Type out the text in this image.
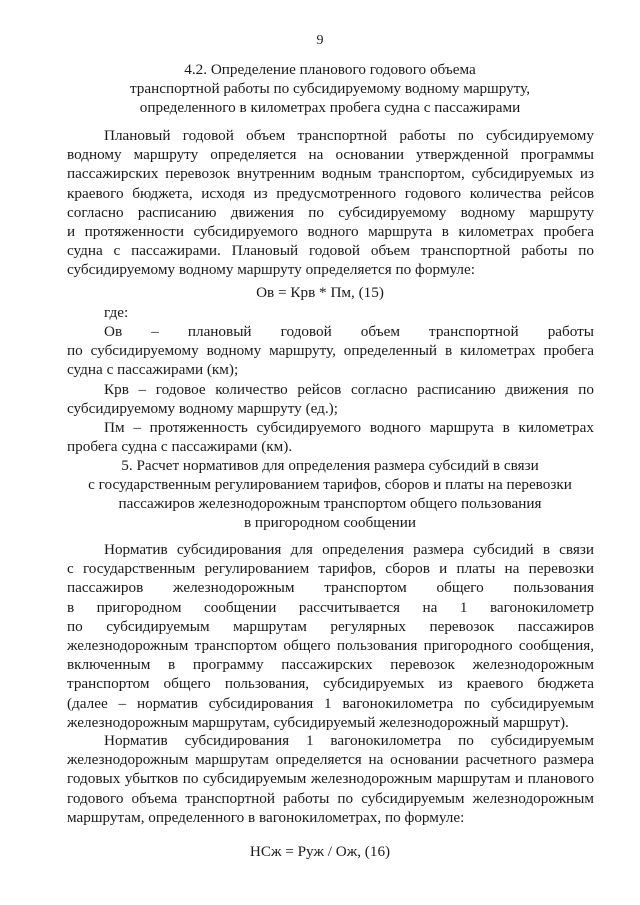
9
4.2. Определение планового годового объема
транспортной работы по субсидируемому водному маршруту,
определенного в километрах пробега судна с пассажирами
Плановый годовой объем транспортной работы по субсидируемому
водному маршруту определяется на основании утвержденной программы
пассажирских перевозок внутренним водным транспортом, субсидируемых из
краевого бюджета, исходя из предусмотренного годового количества рейсов
согласно расписанию движения по субсидируемому водному маршруту
и протяженности субсидируемого водного маршрута в километрах пробега
судна с пассажирами. Плановый годовой объем транспортной работы по
субсидируемому водному маршруту определяется по формуле:
Ов = Крв * Пм, (15)
где:
Ов – плановый годовой объем транспортной работы
по субсидируемому водному маршруту, определенный в километрах пробега
судна с пассажирами (км);
Крв – годовое количество рейсов согласно расписанию движения по
субсидируемому водному маршруту (ед.);
Пм – протяженность субсидируемого водного маршрута в километрах
пробега судна с пассажирами (км).
5. Расчет нормативов для определения размера субсидий в связи
с государственным регулированием тарифов, сборов и платы на перевозки
пассажиров железнодорожным транспортом общего пользования
в пригородном сообщении
Норматив субсидирования для определения размера субсидий в связи
с государственным регулированием тарифов, сборов и платы на перевозки
пассажиров железнодорожным транспортом общего пользования
в пригородном сообщении рассчитывается на 1 вагонокилометр
по субсидируемым маршрутам регулярных перевозок пассажиров
железнодорожным транспортом общего пользования пригородного сообщения,
включенным в программу пассажирских перевозок железнодорожным
транспортом общего пользования, субсидируемых из краевого бюджета
(далее – норматив субсидирования 1 вагонокилометра по субсидируемым
железнодорожным маршрутам, субсидируемый железнодорожный маршрут).
Норматив субсидирования 1 вагонокилометра по субсидируемым
железнодорожным маршрутам определяется на основании расчетного размера
годовых убытков по субсидируемым железнодорожным маршрутам и планового
годового объема транспортной работы по субсидируемым железнодорожным
маршрутам, определенного в вагонокилометрах, по формуле:
НСж = Руж / Ож, (16)
